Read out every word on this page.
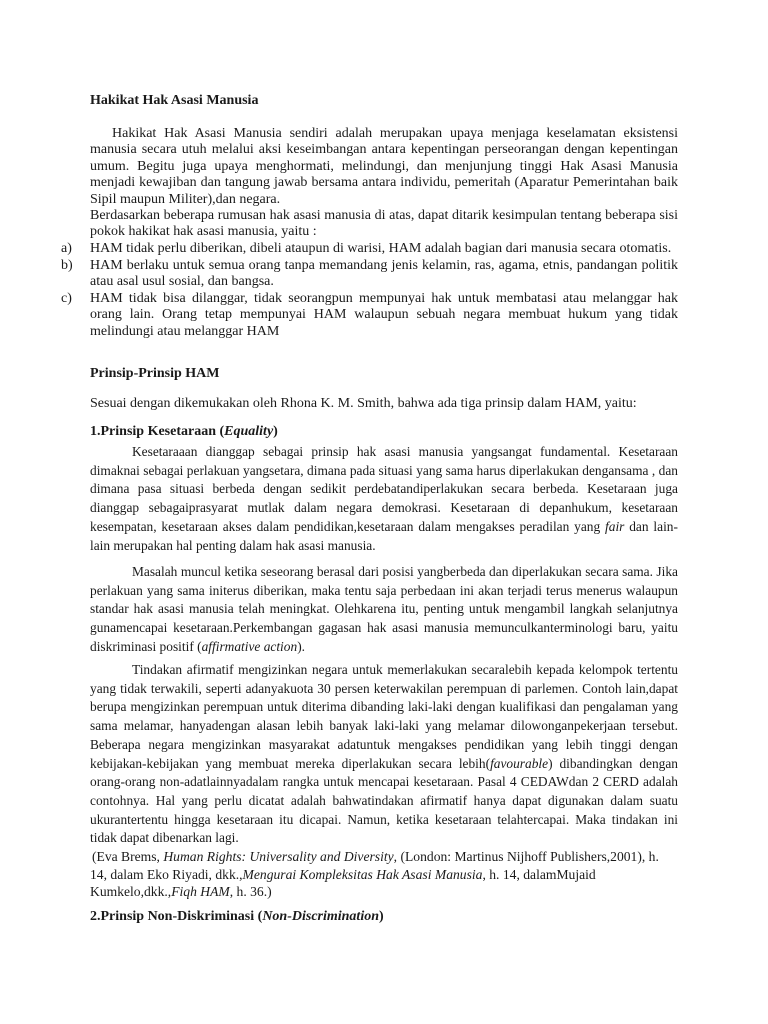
Hakikat Hak Asasi Manusia

Hakikat Hak Asasi Manusia sendiri adalah merupakan upaya menjaga keselamatan eksistensi manusia secara utuh melalui aksi keseimbangan antara kepentingan perseorangan dengan kepentingan umum. Begitu juga upaya menghormati, melindungi, dan menjunjung tinggi Hak Asasi Manusia menjadi kewajiban dan tangung jawab bersama antara individu, pemeritah (Aparatur Pemerintahan baik Sipil maupun Militer),dan negara.

Berdasarkan beberapa rumusan hak asasi manusia di atas, dapat ditarik kesimpulan tentang beberapa sisi pokok hakikat hak asasi manusia, yaitu :

a)	HAM tidak perlu diberikan, dibeli ataupun di warisi, HAM adalah bagian dari manusia secara otomatis.
b)	HAM berlaku untuk semua orang tanpa memandang jenis kelamin, ras, agama, etnis, pandangan politik atau asal usul sosial, dan bangsa.
c)	HAM tidak bisa dilanggar, tidak seorangpun mempunyai hak untuk membatasi atau melanggar hak orang lain. Orang tetap mempunyai HAM walaupun sebuah negara membuat hukum yang tidak melindungi atau melanggar HAM
Prinsip-Prinsip HAM

Sesuai dengan dikemukakan oleh Rhona K. M. Smith, bahwa ada tiga prinsip dalam HAM, yaitu:

1.Prinsip Kesetaraan (Equality)

Kesetaraaan dianggap sebagai prinsip hak asasi manusia yangsangat fundamental. Kesetaraan dimaknai sebagai perlakuan yangsetara, dimana pada situasi yang sama harus diperlakukan dengansama , dan dimana pasa situasi berbeda dengan sedikit perdebatandiperlakukan secara berbeda. Kesetaraan juga dianggap sebagaiprasyarat mutlak dalam negara demokrasi. Kesetaraan di depanhukum, kesetaraan kesempatan, kesetaraan akses dalam pendidikan,kesetaraan dalam mengakses peradilan yang fair dan lain-lain merupakan hal penting dalam hak asasi manusia.

Masalah muncul ketika seseorang berasal dari posisi yangberbeda dan diperlakukan secara sama. Jika perlakuan yang sama initerus diberikan, maka tentu saja perbedaan ini akan terjadi terus menerus walaupun standar hak asasi manusia telah meningkat. Olehkarena itu, penting untuk mengambil langkah selanjutnya gunamencapai kesetaraan.Perkembangan gagasan hak asasi manusia memunculkanterminologi baru, yaitu diskriminasi positif (affirmative action).

Tindakan afirmatif mengizinkan negara untuk memerlakukan secaralebih kepada kelompok tertentu yang tidak terwakili, seperti adanyakuota 30 persen keterwakilan perempuan di parlemen. Contoh lain,dapat berupa mengizinkan perempuan untuk diterima dibanding laki-laki dengan kualifikasi dan pengalaman yang sama melamar, hanyadengan alasan lebih banyak laki-laki yang melamar dilowonganpekerjaan tersebut. Beberapa negara mengizinkan masyarakat adatuntuk mengakses pendidikan yang lebih tinggi dengan kebijakan-kebijakan yang membuat mereka diperlakukan secara lebih(favourable) dibandingkan dengan orang-orang non-adatlainnyadalam rangka untuk mencapai kesetaraan. Pasal 4 CEDAWdan 2 CERD adalah contohnya. Hal yang perlu dicatat adalah bahwatindakan afirmatif hanya dapat digunakan dalam suatu ukurantertentu hingga kesetaraan itu dicapai. Namun, ketika kesetaraan telahtercapai. Maka tindakan ini tidak dapat dibenarkan lagi.

(Eva Brems, Human Rights: Universality and Diversity, (London: Martinus Nijhoff Publishers,2001), h. 14, dalam Eko Riyadi, dkk.,Mengurai Kompleksitas Hak Asasi Manusia, h. 14, dalamMujaid Kumkelo,dkk.,Fiqh HAM, h. 36.)

2.Prinsip Non-Diskriminasi (Non-Discrimination)
